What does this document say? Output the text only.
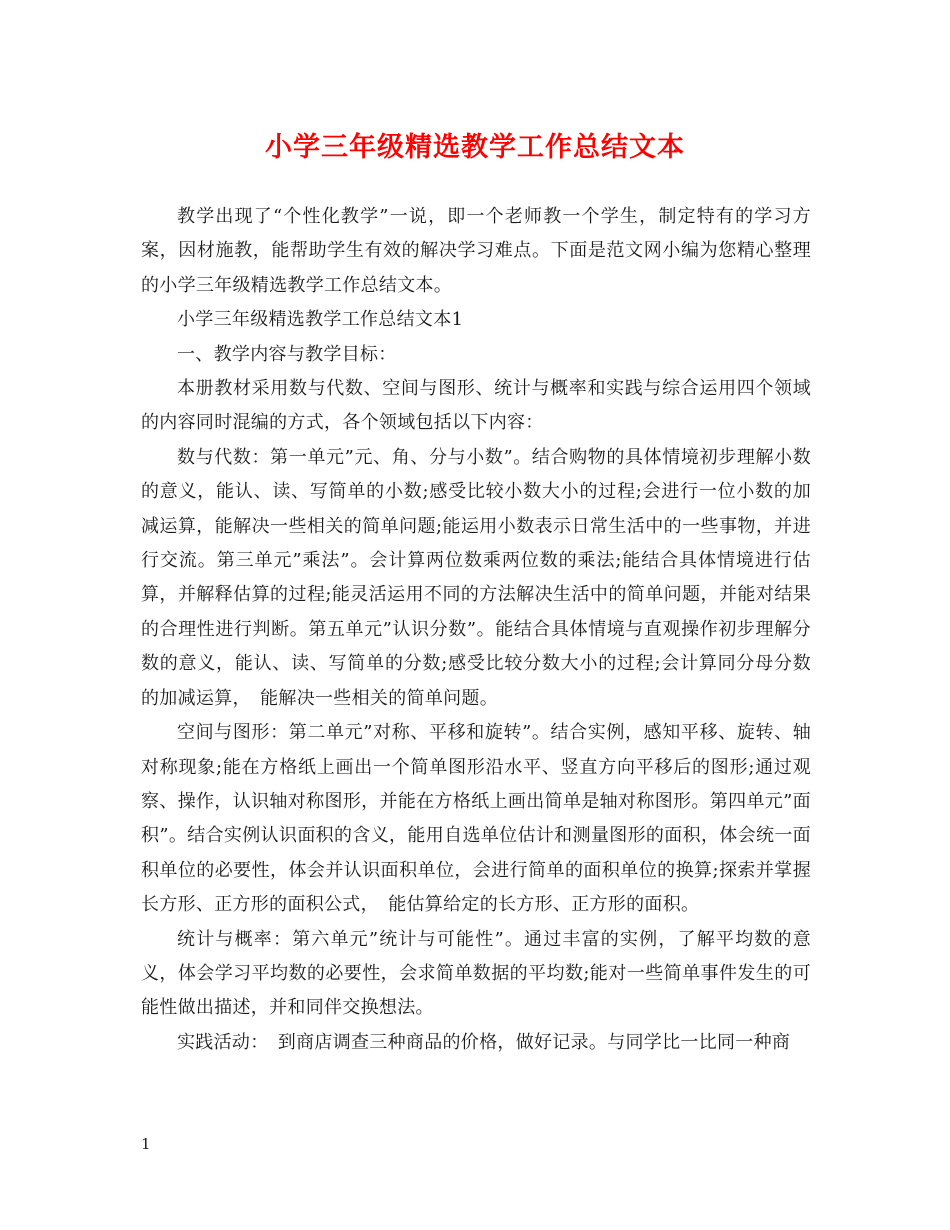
小学三年级精选教学工作总结文本

教学出现了“个性化教学”一说，即一个老师教一个学生，制定特有的学习方案，因材施教，能帮助学生有效的解决学习难点。下面是范文网小编为您精心整理的小学三年级精选教学工作总结文本。

小学三年级精选教学工作总结文本1

一、教学内容与教学目标：

本册教材采用数与代数、空间与图形、统计与概率和实践与综合运用四个领域的内容同时混编的方式，各个领域包括以下内容：

数与代数：第一单元”元、角、分与小数”。结合购物的具体情境初步理解小数的意义，能认、读、写简单的小数;感受比较小数大小的过程;会进行一位小数的加减运算，能解决一些相关的简单问题;能运用小数表示日常生活中的一些事物，并进行交流。第三单元”乘法”。会计算两位数乘两位数的乘法;能结合具体情境进行估算，并解释估算的过程;能灵活运用不同的方法解决生活中的简单问题，并能对结果的合理性进行判断。第五单元”认识分数”。能结合具体情境与直观操作初步理解分数的意义，能认、读、写简单的分数;感受比较分数大小的过程;会计算同分母分数的加减运算，　能解决一些相关的简单问题。

空间与图形：第二单元”对称、平移和旋转”。结合实例，感知平移、旋转、轴对称现象;能在方格纸上画出一个简单图形沿水平、竖直方向平移后的图形;通过观察、操作，认识轴对称图形，并能在方格纸上画出简单是轴对称图形。第四单元”面积”。结合实例认识面积的含义，能用自选单位估计和测量图形的面积，体会统一面积单位的必要性，体会并认识面积单位，会进行简单的面积单位的换算;探索并掌握长方形、正方形的面积公式，　能估算给定的长方形、正方形的面积。

统计与概率：第六单元”统计与可能性”。通过丰富的实例，了解平均数的意义，体会学习平均数的必要性，会求简单数据的平均数;能对一些简单事件发生的可能性做出描述，并和同伴交换想法。

实践活动：　到商店调查三种商品的价格，做好记录。与同学比一比同一种商

1
